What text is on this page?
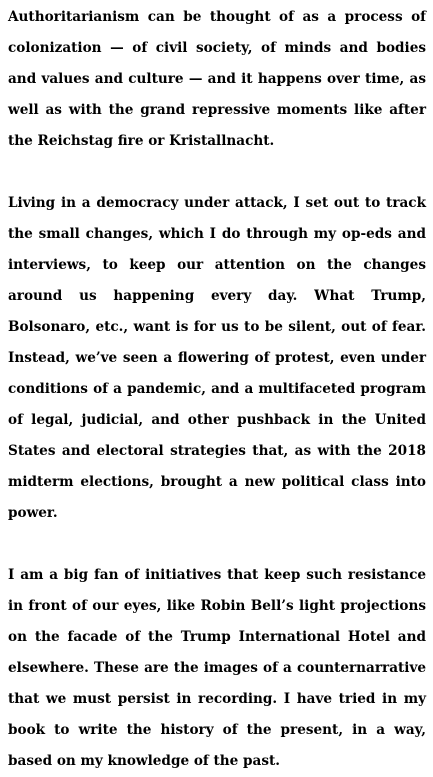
Authoritarianism can be thought of as a process of colonization — of civil society, of minds and bodies and values and culture — and it happens over time, as well as with the grand repressive moments like after the Reichstag fire or Kristallnacht.

Living in a democracy under attack, I set out to track the small changes, which I do through my op-eds and interviews, to keep our attention on the changes around us happening every day. What Trump, Bolsonaro, etc., want is for us to be silent, out of fear. Instead, we’ve seen a flowering of protest, even under conditions of a pandemic, and a multifaceted program of legal, judicial, and other pushback in the United States and electoral strategies that, as with the 2018 midterm elections, brought a new political class into power.

I am a big fan of initiatives that keep such resistance in front of our eyes, like Robin Bell’s light projections on the facade of the Trump International Hotel and elsewhere. These are the images of a counternarrative that we must persist in recording. I have tried in my book to write the history of the present, in a way, based on my knowledge of the past.
